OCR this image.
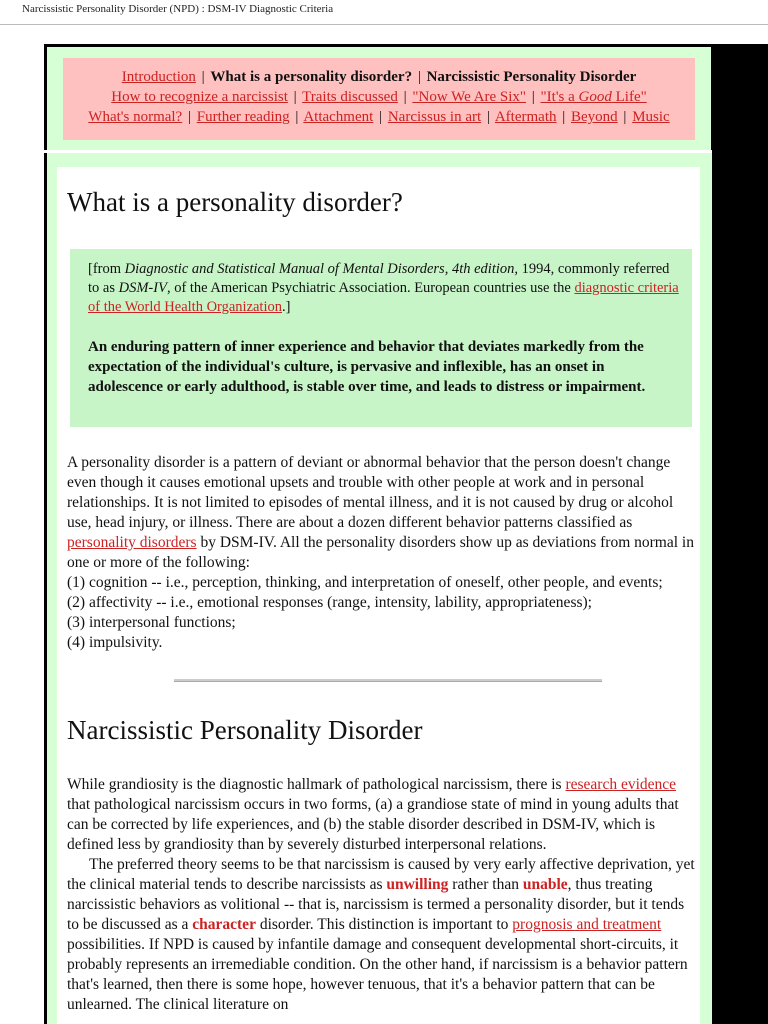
Narcissistic Personality Disorder (NPD) : DSM-IV Diagnostic Criteria
Introduction | What is a personality disorder? | Narcissistic Personality Disorder
How to recognize a narcissist | Traits discussed | "Now We Are Six" | "It's a Good Life"
What's normal? | Further reading | Attachment | Narcissus in art | Aftermath | Beyond | Music
What is a personality disorder?

[from Diagnostic and Statistical Manual of Mental Disorders, 4th edition, 1994, commonly referred to as DSM-IV, of the American Psychiatric Association. European countries use the diagnostic criteria of the World Health Organization.]

An enduring pattern of inner experience and behavior that deviates markedly from the expectation of the individual's culture, is pervasive and inflexible, has an onset in adolescence or early adulthood, is stable over time, and leads to distress or impairment.

A personality disorder is a pattern of deviant or abnormal behavior that the person doesn't change even though it causes emotional upsets and trouble with other people at work and in personal relationships. It is not limited to episodes of mental illness, and it is not caused by drug or alcohol use, head injury, or illness. There are about a dozen different behavior patterns classified as personality disorders by DSM-IV. All the personality disorders show up as deviations from normal in one or more of the following:

(1) cognition -- i.e., perception, thinking, and interpretation of oneself, other people, and events;

(2) affectivity -- i.e., emotional responses (range, intensity, lability, appropriateness);

(3) interpersonal functions;

(4) impulsivity.

Narcissistic Personality Disorder

While grandiosity is the diagnostic hallmark of pathological narcissism, there is research evidence that pathological narcissism occurs in two forms, (a) a grandiose state of mind in young adults that can be corrected by life experiences, and (b) the stable disorder described in DSM-IV, which is defined less by grandiosity than by severely disturbed interpersonal relations.

The preferred theory seems to be that narcissism is caused by very early affective deprivation, yet the clinical material tends to describe narcissists as unwilling rather than unable, thus treating narcissistic behaviors as volitional -- that is, narcissism is termed a personality disorder, but it tends to be discussed as a character disorder. This distinction is important to prognosis and treatment possibilities. If NPD is caused by infantile damage and consequent developmental short-circuits, it probably represents an irremediable condition. On the other hand, if narcissism is a behavior pattern that's learned, then there is some hope, however tenuous, that it's a behavior pattern that can be unlearned. The clinical literature on
